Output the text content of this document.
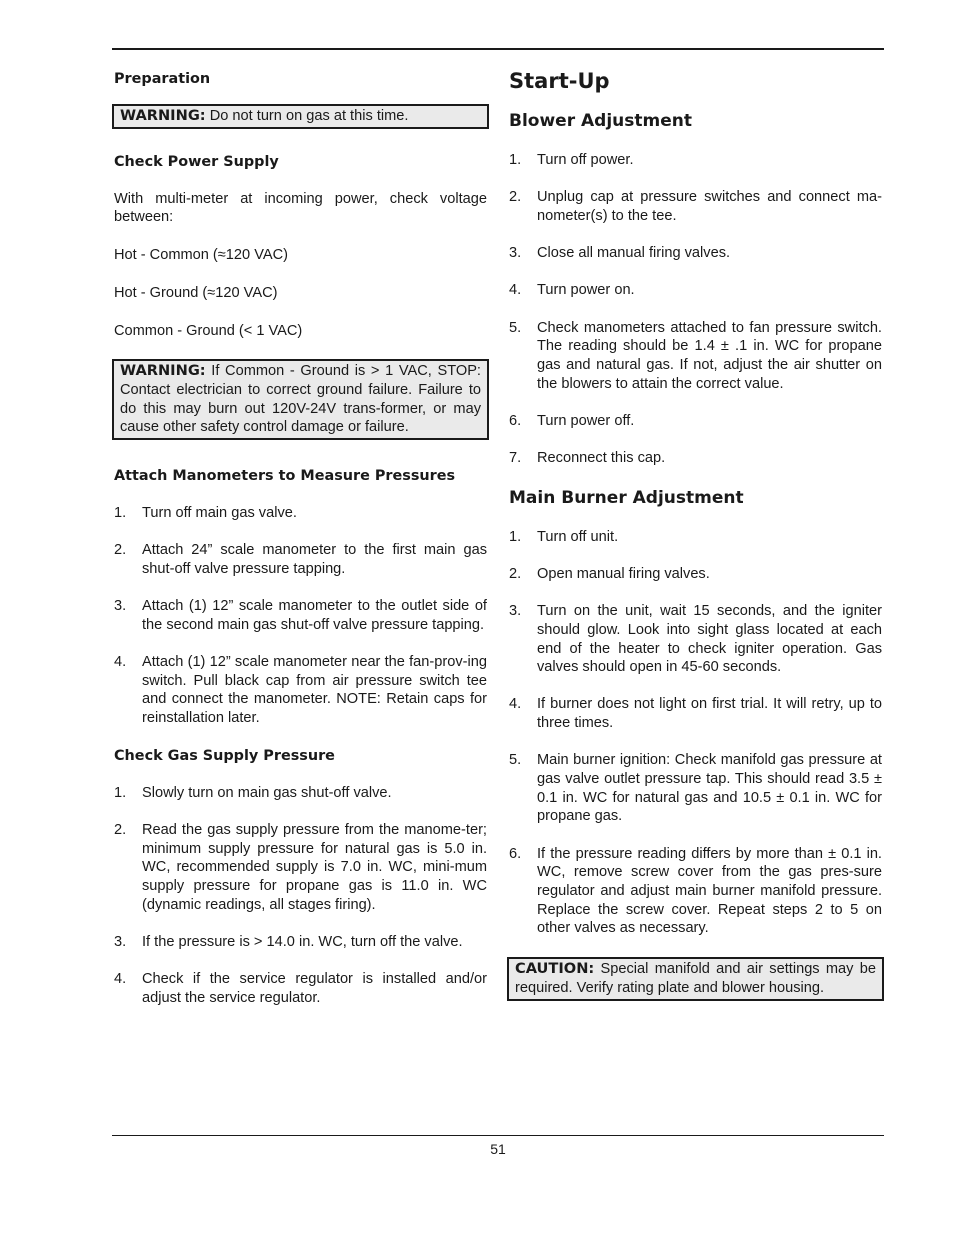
Preparation
WARNING: Do not turn on gas at this time.
Check Power Supply

With multi-meter at incoming power, check voltage between:

Hot - Common (≈120 VAC)

Hot - Ground (≈120 VAC)

Common - Ground (< 1 VAC)

WARNING: If Common - Ground is > 1 VAC, STOP: Contact electrician to correct ground failure. Failure to do this may burn out 120V-24V trans-former, or may cause other safety control damage or failure.
Attach Manometers to Measure Pressures
1. Turn off main gas valve.
2. Attach 24” scale manometer to the first main gas shut-off valve pressure tapping.
3. Attach (1) 12” scale manometer to the outlet side of the second main gas shut-off valve pressure tapping.
4. Attach (1) 12” scale manometer near the fan-prov-ing switch. Pull black cap from air pressure switch tee and connect the manometer. NOTE: Retain caps for reinstallation later.
Check Gas Supply Pressure
1. Slowly turn on main gas shut-off valve.
2. Read the gas supply pressure from the manome-ter; minimum supply pressure for natural gas is 5.0 in. WC, recommended supply is 7.0 in. WC, mini-mum supply pressure for propane gas is 11.0 in. WC (dynamic readings, all stages firing).
3. If the pressure is > 14.0 in. WC, turn off the valve.
4. Check if the service regulator is installed and/or adjust the service regulator.
Start-Up
Blower Adjustment
1. Turn off power.
2. Unplug cap at pressure switches and connect ma-nometer(s) to the tee.
3. Close all manual firing valves.
4. Turn power on.
5. Check manometers attached to fan pressure switch. The reading should be 1.4 ± .1 in. WC for propane gas and natural gas. If not, adjust the air shutter on the blowers to attain the correct value.
6. Turn power off.
7. Reconnect this cap.
Main Burner Adjustment
1. Turn off unit.
2. Open manual firing valves.
3. Turn on the unit, wait 15 seconds, and the igniter should glow. Look into sight glass located at each end of the heater to check igniter operation. Gas valves should open in 45-60 seconds.
4. If burner does not light on first trial. It will retry, up to three times.
5. Main burner ignition: Check manifold gas pressure at gas valve outlet pressure tap. This should read 3.5 ± 0.1 in. WC for natural gas and 10.5 ± 0.1 in. WC for propane gas.
6. If the pressure reading differs by more than ± 0.1 in. WC, remove screw cover from the gas pres-sure regulator and adjust main burner manifold pressure. Replace the screw cover. Repeat steps 2 to 5 on other valves as necessary.
CAUTION: Special manifold and air settings may be required. Verify rating plate and blower housing.
51
